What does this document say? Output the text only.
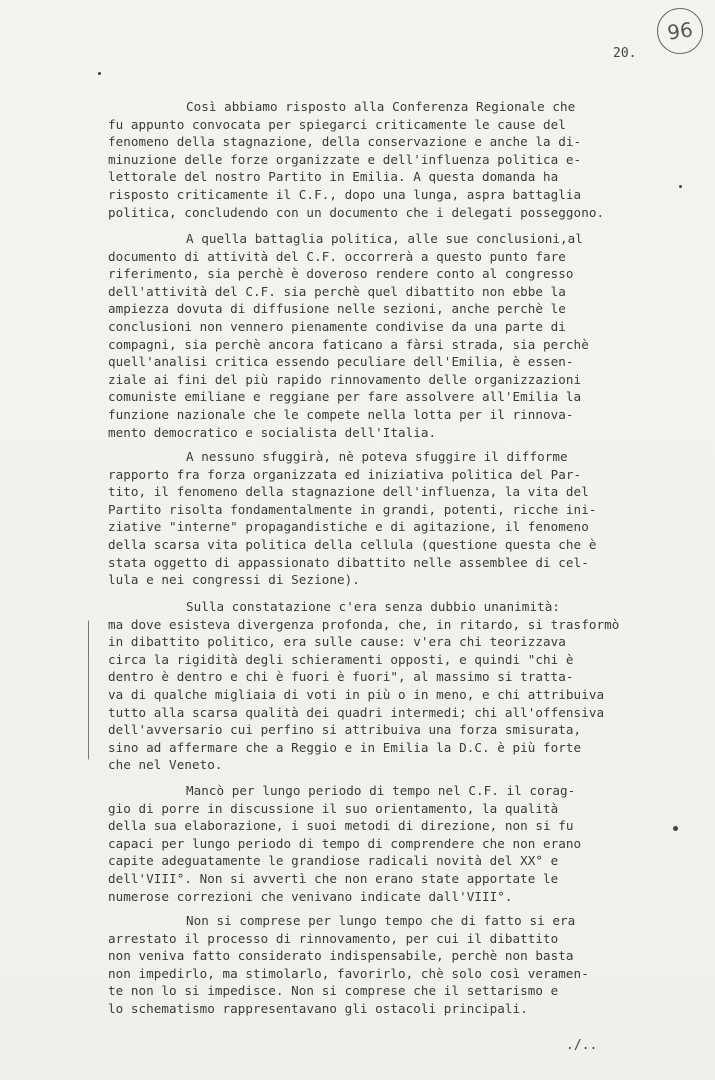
96
20.
Così abbiamo risposto alla Conferenza Regionale che
fu appunto convocata per spiegarci criticamente le cause del
fenomeno della stagnazione, della conservazione e anche la di-
minuzione delle forze organizzate e dell'influenza politica e-
lettorale del nostro Partito in Emilia. A questa domanda ha
risposto criticamente il C.F., dopo una lunga, aspra battaglia
politica, concludendo con un documento che i delegati posseggono.
A quella battaglia politica, alle sue conclusioni,al
documento di attività del C.F. occorrerà a questo punto fare
riferimento, sia perchè è doveroso rendere conto al congresso
dell'attività del C.F. sia perchè quel dibattito non ebbe la
ampiezza dovuta di diffusione nelle sezioni, anche perchè le
conclusioni non vennero pienamente condivise da una parte di
compagni, sia perchè ancora faticano a fàrsi strada, sia perchè
quell'analisi critica essendo peculiare dell'Emilia, è essen-
ziale ai fini del più rapido rinnovamento delle organizzazioni
comuniste emiliane e reggiane per fare assolvere all'Emilia la
funzione nazionale che le compete nella lotta per il rinnova-
mento democratico e socialista dell'Italia.
A nessuno sfuggirà, nè poteva sfuggire il difforme
rapporto fra forza organizzata ed iniziativa politica del Par-
tito, il fenomeno della stagnazione dell'influenza, la vita del
Partito risolta fondamentalmente in grandi, potenti, ricche ini-
ziative "interne" propagandistiche e di agitazione, il fenomeno
della scarsa vita politica della cellula (questione questa che è
stata oggetto di appassionato dibattito nelle assemblee di cel-
lula e nei congressi di Sezione).
Sulla constatazione c'era senza dubbio unanimità:
ma dove esisteva divergenza profonda, che, in ritardo, si trasformò
in dibattito politico, era sulle cause: v'era chi teorizzava
circa la rigidità degli schieramenti opposti, e quindi "chi è
dentro è dentro e chi è fuori è fuori", al massimo si tratta-
va di qualche migliaia di voti in più o in meno, e chi attribuiva
tutto alla scarsa qualità dei quadri intermedi; chi all'offensiva
dell'avversario cui perfino si attribuiva una forza smisurata,
sino ad affermare che a Reggio e in Emilia la D.C. è più forte
che nel Veneto.
Mancò per lungo periodo di tempo nel C.F. il corag-
gio di porre in discussione il suo orientamento, la qualità
della sua elaborazione, i suoi metodi di direzione, non si fu
capaci per lungo periodo di tempo di comprendere che non erano
capite adeguatamente le grandiose radicali novità del XX° e
dell'VIII°. Non si avvertì che non erano state apportate le
numerose correzioni che venivano indicate dall'VIII°.
Non si comprese per lungo tempo che di fatto si era
arrestato il processo di rinnovamento, per cui il dibattito
non veniva fatto considerato indispensabile, perchè non basta
non impedirlo, ma stimolarlo, favorirlo, chè solo così veramen-
te non lo si impedisce. Non si comprese che il settarismo e
lo schematismo rappresentavano gli ostacoli principali.
./..
